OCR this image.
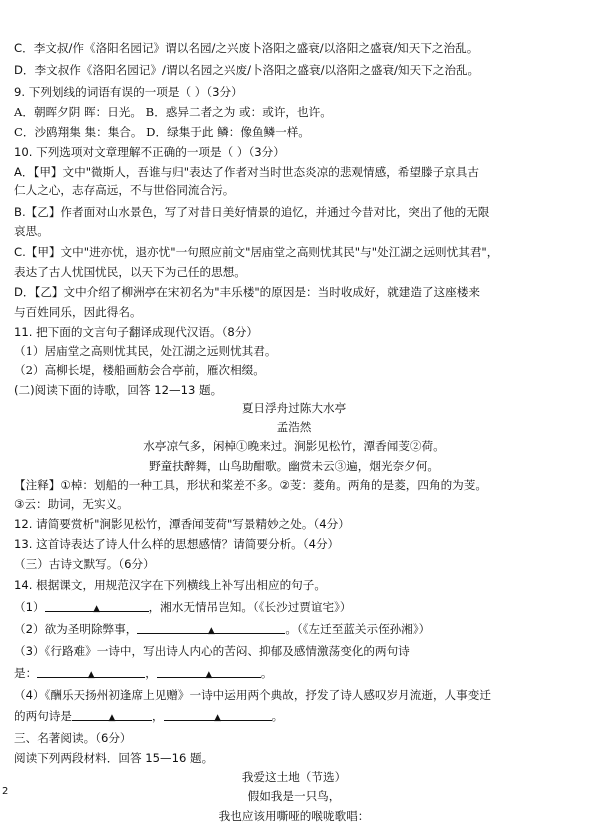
C．李文叔/作《洛阳名园记》谓以名园/之兴废卜洛阳之盛衰/以洛阳之盛衰/知天下之治乱。
D．李文叔作《洛阳名园记》/谓以名园之兴废/卜洛阳之盛衰/以洛阳之盛衰/知天下之治乱。
9. 下列划线的词语有误的一项是（ ）（3分）
A．朝晖夕阴 晖：日光。 B．惑异二者之为 或：或许，也许。
C．沙鸥翔集 集：集合。 D．绿集于此 鳞：像鱼鳞一样。
10. 下列选项对文章理解不正确的一项是（ ）（3分）
A．【甲】文中"微斯人，吾谁与归"表达了作者对当时世态炎凉的悲观情感，希望滕子京具古
仁人之心，志存高远，不与世俗同流合污。
B.【乙】作者面对山水景色，写了对昔日美好情景的追忆，并通过今昔对比，突出了他的无限
哀思。
C.【甲】文中"进亦忧，退亦忧"一句照应前文"居庙堂之高则忧其民"与"处江湖之远则忧其君"，
表达了古人忧国忧民，以天下为己任的思想。
D．【乙】文中介绍了柳洲亭在宋初名为"丰乐楼"的原因是：当时收成好，就建造了这座楼来
与百姓同乐，因此得名。
11. 把下面的文言句子翻译成现代汉语。（8分）
（1）居庙堂之高则忧其民，处江湖之远则忧其君。
（2）高柳长堤，楼船画舫会合亭前，雁次相缀。
(二)阅读下面的诗歌，回答 12—13 题。
夏日浮舟过陈大水亭
孟浩然
水亭凉气多，闲棹①晚来过。涧影见松竹，潭香闻芰②荷。
野童扶醉舞，山鸟助酣歌。幽赏未云③遍，烟光奈夕何。
【注释】①棹：划船的一种工具，形状和桨差不多。②芰：菱角。两角的是菱，四角的为芰。
③云：助词，无实义。
12. 请简要赏析"涧影见松竹，潭香闻芰荷"写景精妙之处。（4分）
13. 这首诗表达了诗人什么样的思想感情？请简要分析。（4分）
（三）古诗文默写。（6分）
14. 根据课文，用规范汉字在下列横线上补写出相应的句子。
（1）	▲	，湘水无情吊岂知。（《长沙过贾谊宅》）
（2）欲为圣明除弊事，	▲	。（《左迁至蓝关示侄孙湘》）
（3）《行路难》一诗中，写出诗人内心的苦闷、抑郁及感情激荡变化的两句诗
是：	▲	，	▲	。
（4）《酬乐天扬州初逢席上见赠》一诗中运用两个典故，抒发了诗人感叹岁月流逝，人事变迁
的两句诗是	▲	，	▲	。
三、名著阅读。（6分）
阅读下列两段材料．回答 15—16 题。
我爱这土地（节选）
假如我是一只鸟，
我也应该用嘶哑的喉咙歌唱：
2
